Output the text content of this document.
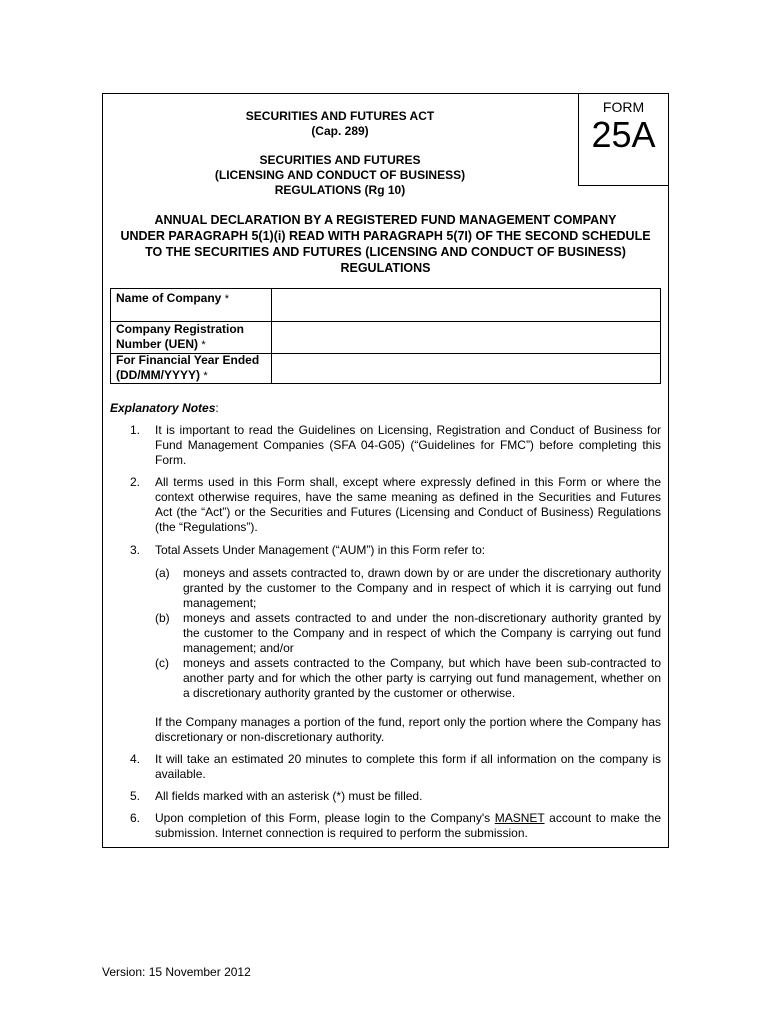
FORM
25A
SECURITIES AND FUTURES ACT
(Cap. 289)
SECURITIES AND FUTURES
(LICENSING AND CONDUCT OF BUSINESS)
REGULATIONS (Rg 10)
ANNUAL DECLARATION BY A REGISTERED FUND MANAGEMENT COMPANY
UNDER PARAGRAPH 5(1)(i) READ WITH PARAGRAPH 5(7I) OF THE SECOND SCHEDULE
TO THE SECURITIES AND FUTURES (LICENSING AND CONDUCT OF BUSINESS)
REGULATIONS
Name of Company *
Company Registration Number (UEN) *
For Financial Year Ended (DD/MM/YYYY) *
Explanatory Notes:
1. It is important to read the Guidelines on Licensing, Registration and Conduct of Business for Fund Management Companies (SFA 04-G05) (“Guidelines for FMC”) before completing this Form.
2. All terms used in this Form shall, except where expressly defined in this Form or where the context otherwise requires, have the same meaning as defined in the Securities and Futures Act (the “Act”) or the Securities and Futures (Licensing and Conduct of Business) Regulations (the “Regulations”).
3. Total Assets Under Management (“AUM”) in this Form refer to:
(a) moneys and assets contracted to, drawn down by or are under the discretionary authority granted by the customer to the Company and in respect of which it is carrying out fund management;
(b) moneys and assets contracted to and under the non-discretionary authority granted by the customer to the Company and in respect of which the Company is carrying out fund management; and/or
(c) moneys and assets contracted to the Company, but which have been sub-contracted to another party and for which the other party is carrying out fund management, whether on a discretionary authority granted by the customer or otherwise.
If the Company manages a portion of the fund, report only the portion where the Company has discretionary or non-discretionary authority.
4. It will take an estimated 20 minutes to complete this form if all information on the company is available.
5. All fields marked with an asterisk (*) must be filled.
6. Upon completion of this Form, please login to the Company's MASNET account to make the submission. Internet connection is required to perform the submission.
Version: 15 November 2012
